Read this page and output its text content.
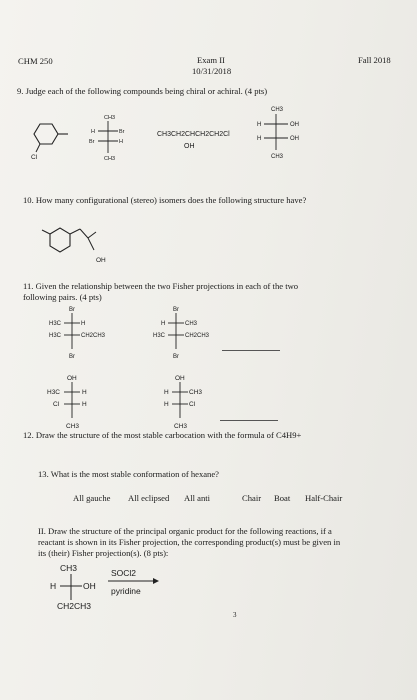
CHM 250	Exam II
10/31/2018
Fall 2018
9. Judge each of the following compounds being chiral or achiral. (4 pts)
Cl
CH3
H	Br
Br	H
CH3
CH3CH2CHCH2CH2Cl
OH
CH3
H	OH
H	OH
CH3
10. How many configurational (stereo) isomers does the following structure have?
OH
11. Given the relationship between the two Fisher projections in each of the two
following pairs. (4 pts)
Br
H3C	H
H3C	CH2CH3
Br
Br
H	CH3
H3C	CH2CH3
Br
OH
H3C	H
Cl	H
CH3
OH
H	CH3
H	Cl
CH3
12. Draw the structure of the most stable carbocation with the formula of C4H9+
13. What is the most stable conformation of hexane?
All gauche All eclipsed All anti	Chair Boat Half-Chair
II. Draw the structure of the principal organic product for the following reactions, if a
reactant is shown in its Fisher projection, the corresponding product(s) must be given in
its (their) Fisher projection(s). (8 pts):
CH3
H	OH
CH2CH3
SOCl2
pyridine
3
